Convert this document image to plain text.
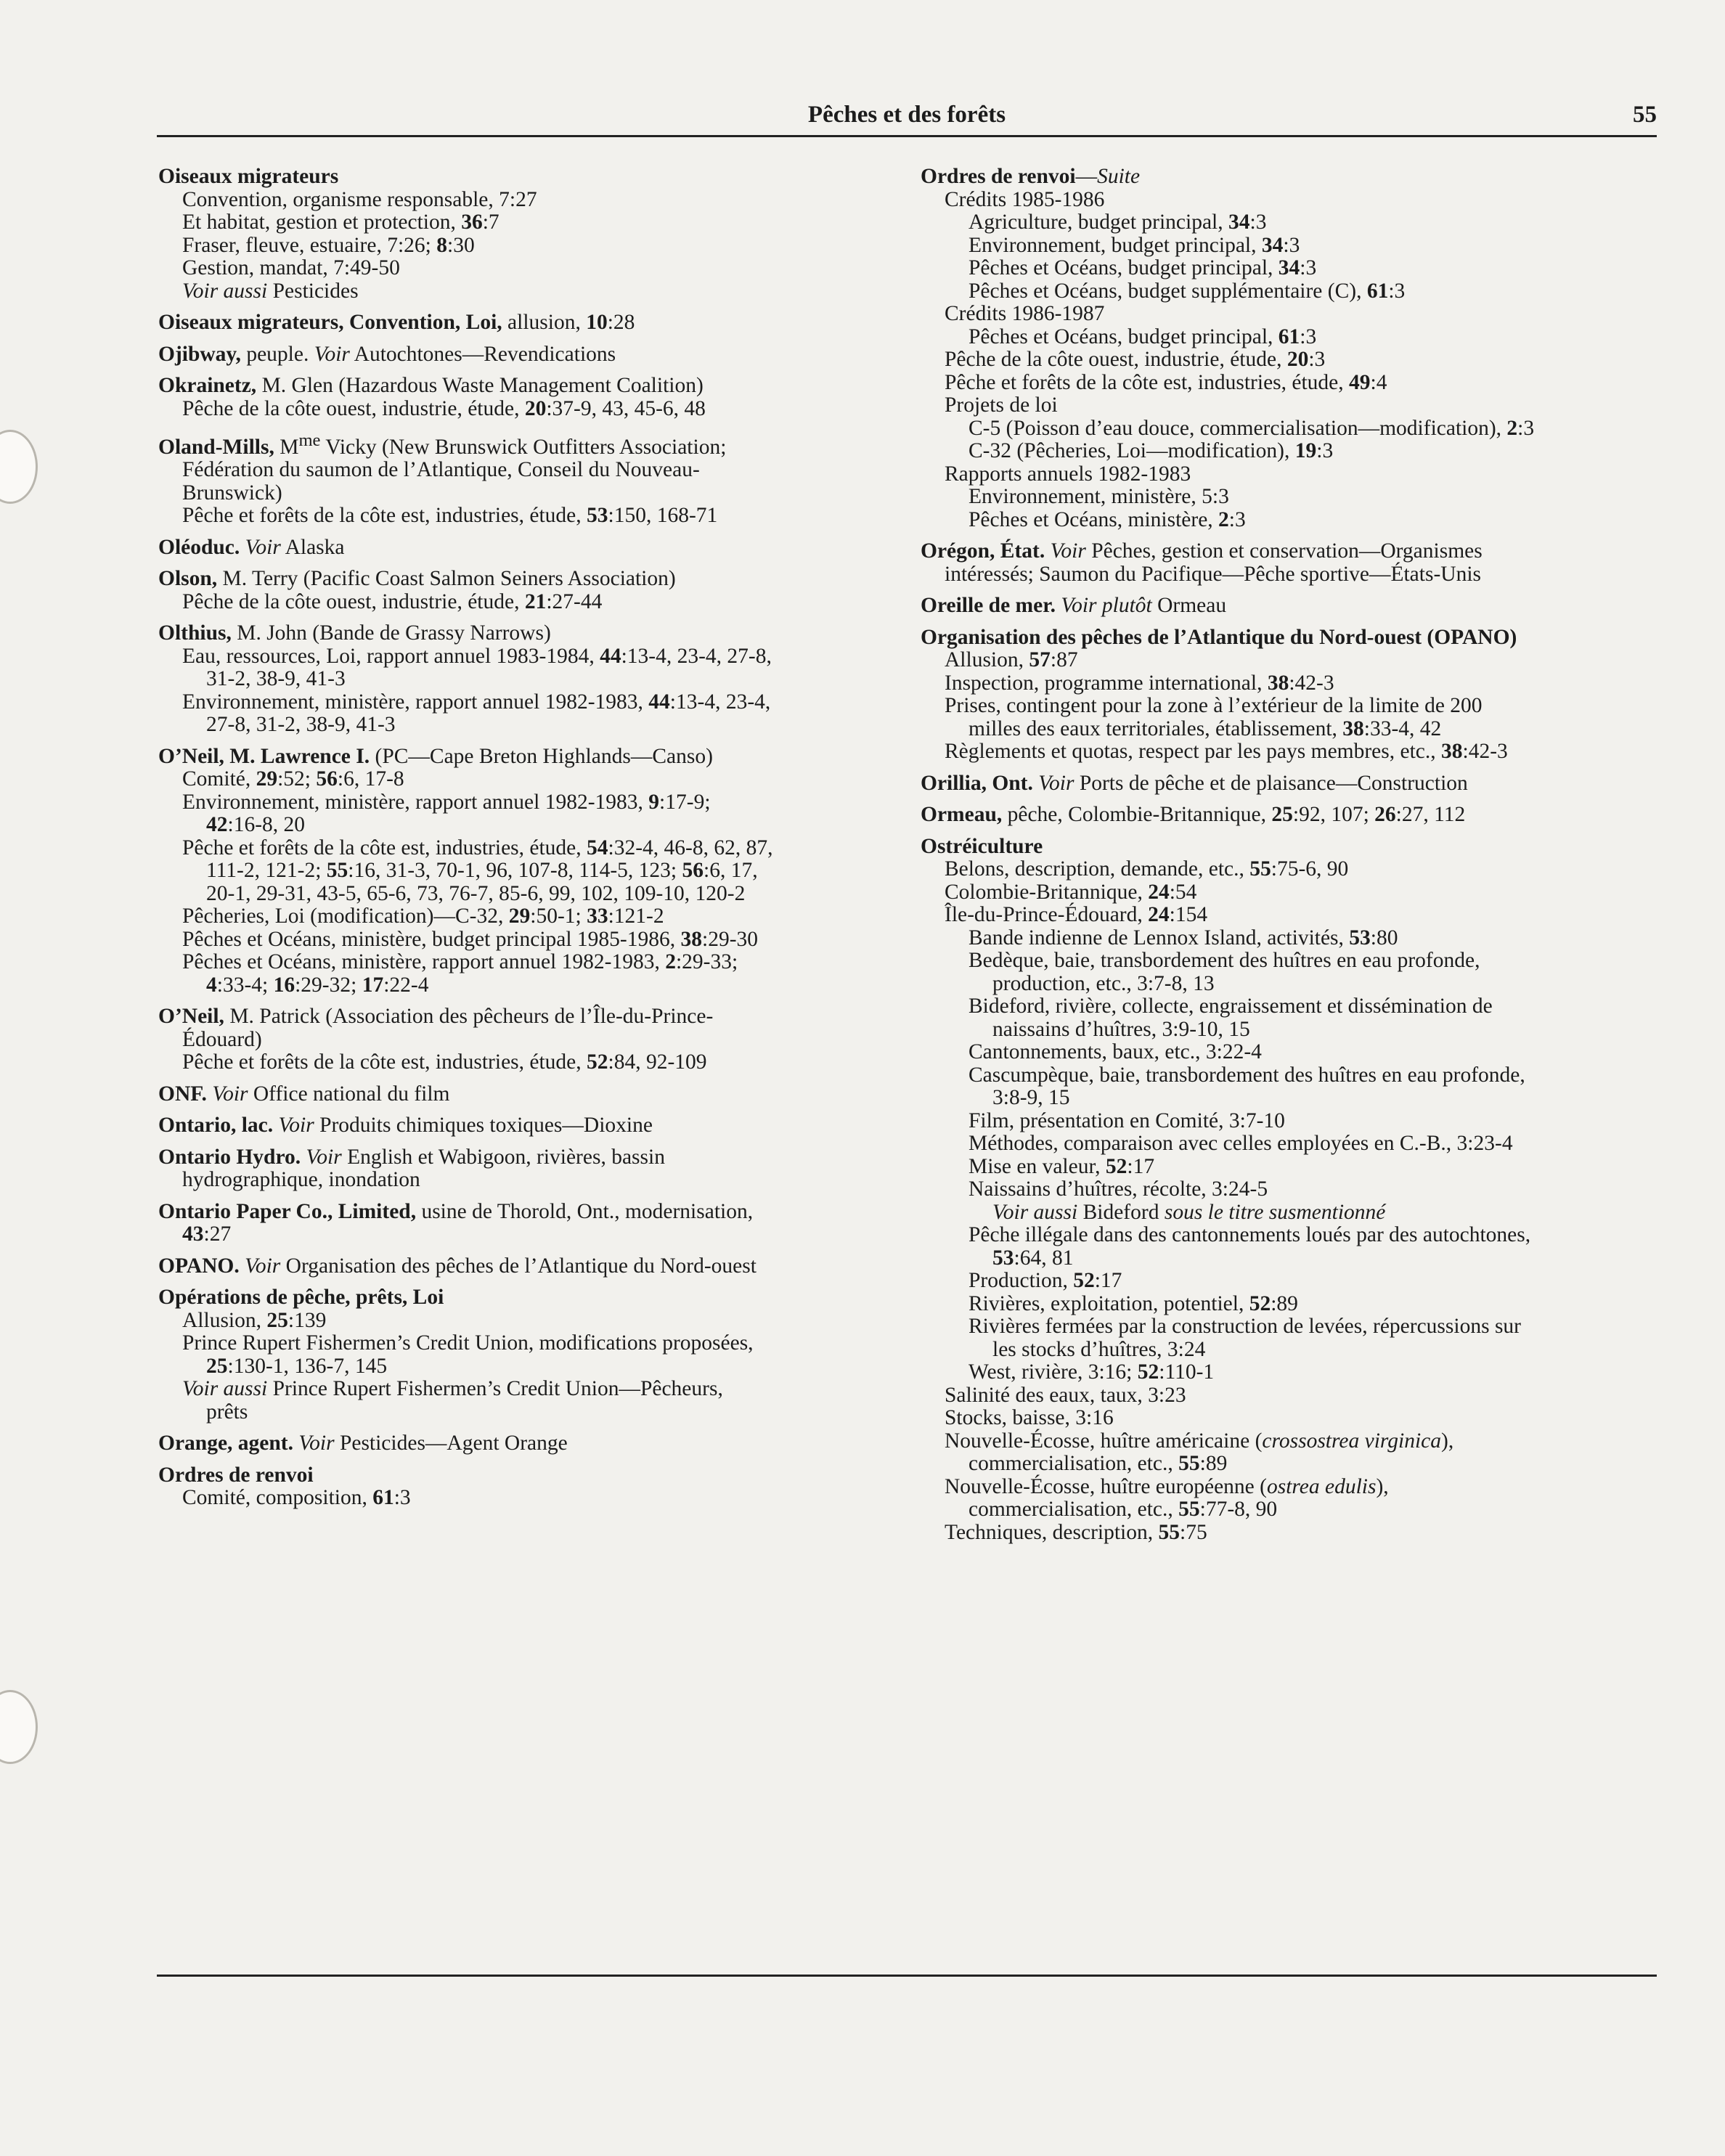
Pêches et des forêts	55
Oiseaux migrateurs
Convention, organisme responsable, 7:27
Et habitat, gestion et protection, 36:7
Fraser, fleuve, estuaire, 7:26; 8:30
Gestion, mandat, 7:49-50
Voir aussi Pesticides
Oiseaux migrateurs, Convention, Loi, allusion, 10:28
Ojibway, peuple. Voir Autochtones—Revendications
Okrainetz, M. Glen (Hazardous Waste Management Coalition)
Pêche de la côte ouest, industrie, étude, 20:37-9, 43, 45-6, 48
Oland-Mills, $M^{me}$ Vicky (New Brunswick Outfitters Association;
Fédération du saumon de l’Atlantique, Conseil du Nouveau-
Brunswick)
Pêche et forêts de la côte est, industries, étude, 53:150, 168-71
Oléoduc. Voir Alaska
Olson, M. Terry (Pacific Coast Salmon Seiners Association)
Pêche de la côte ouest, industrie, étude, 21:27-44
Olthius, M. John (Bande de Grassy Narrows)
Eau, ressources, Loi, rapport annuel 1983-1984, 44:13-4, 23-4, 27-8,
31-2, 38-9, 41-3
Environnement, ministère, rapport annuel 1982-1983, 44:13-4, 23-4,
27-8, 31-2, 38-9, 41-3
O’Neil, M. Lawrence I. (PC—Cape Breton Highlands—Canso)
Comité, 29:52; 56:6, 17-8
Environnement, ministère, rapport annuel 1982-1983, 9:17-9;
42:16-8, 20
Pêche et forêts de la côte est, industries, étude, 54:32-4, 46-8, 62, 87,
111-2, 121-2; 55:16, 31-3, 70-1, 96, 107-8, 114-5, 123; 56:6, 17,
20-1, 29-31, 43-5, 65-6, 73, 76-7, 85-6, 99, 102, 109-10, 120-2
Pêcheries, Loi (modification)—C-32, 29:50-1; 33:121-2
Pêches et Océans, ministère, budget principal 1985-1986, 38:29-30
Pêches et Océans, ministère, rapport annuel 1982-1983, 2:29-33;
4:33-4; 16:29-32; 17:22-4
O’Neil, M. Patrick (Association des pêcheurs de l’Île-du-Prince-
Édouard)
Pêche et forêts de la côte est, industries, étude, 52:84, 92-109
ONF. Voir Office national du film
Ontario, lac. Voir Produits chimiques toxiques—Dioxine
Ontario Hydro. Voir English et Wabigoon, rivières, bassin
hydrographique, inondation
Ontario Paper Co., Limited, usine de Thorold, Ont., modernisation,
43:27
OPANO. Voir Organisation des pêches de l’Atlantique du Nord-ouest
Opérations de pêche, prêts, Loi
Allusion, 25:139
Prince Rupert Fishermen’s Credit Union, modifications proposées,
25:130-1, 136-7, 145
Voir aussi Prince Rupert Fishermen’s Credit Union—Pêcheurs,
prêts
Orange, agent. Voir Pesticides—Agent Orange
Ordres de renvoi
Comité, composition, 61:3
Ordres de renvoi—Suite
Crédits 1985-1986
Agriculture, budget principal, 34:3
Environnement, budget principal, 34:3
Pêches et Océans, budget principal, 34:3
Pêches et Océans, budget supplémentaire (C), 61:3
Crédits 1986-1987
Pêches et Océans, budget principal, 61:3
Pêche de la côte ouest, industrie, étude, 20:3
Pêche et forêts de la côte est, industries, étude, 49:4
Projets de loi
C-5 (Poisson d’eau douce, commercialisation—modification), 2:3
C-32 (Pêcheries, Loi—modification), 19:3
Rapports annuels 1982-1983
Environnement, ministère, 5:3
Pêches et Océans, ministère, 2:3
Orégon, État. Voir Pêches, gestion et conservation—Organismes
intéressés; Saumon du Pacifique—Pêche sportive—États-Unis
Oreille de mer. Voir plutôt Ormeau
Organisation des pêches de l’Atlantique du Nord-ouest (OPANO)
Allusion, 57:87
Inspection, programme international, 38:42-3
Prises, contingent pour la zone à l’extérieur de la limite de 200
milles des eaux territoriales, établissement, 38:33-4, 42
Règlements et quotas, respect par les pays membres, etc., 38:42-3
Orillia, Ont. Voir Ports de pêche et de plaisance—Construction
Ormeau, pêche, Colombie-Britannique, 25:92, 107; 26:27, 112
Ostréiculture
Belons, description, demande, etc., 55:75-6, 90
Colombie-Britannique, 24:54
Île-du-Prince-Édouard, 24:154
Bande indienne de Lennox Island, activités, 53:80
Bedèque, baie, transbordement des huîtres en eau profonde,
production, etc., 3:7-8, 13
Bideford, rivière, collecte, engraissement et dissémination de
naissains d’huîtres, 3:9-10, 15
Cantonnements, baux, etc., 3:22-4
Cascumpèque, baie, transbordement des huîtres en eau profonde,
3:8-9, 15
Film, présentation en Comité, 3:7-10
Méthodes, comparaison avec celles employées en C.-B., 3:23-4
Mise en valeur, 52:17
Naissains d’huîtres, récolte, 3:24-5
Voir aussi Bideford sous le titre susmentionné
Pêche illégale dans des cantonnements loués par des autochtones,
53:64, 81
Production, 52:17
Rivières, exploitation, potentiel, 52:89
Rivières fermées par la construction de levées, répercussions sur
les stocks d’huîtres, 3:24
West, rivière, 3:16; 52:110-1
Salinité des eaux, taux, 3:23
Stocks, baisse, 3:16
Nouvelle-Écosse, huître américaine (crossostrea virginica),
commercialisation, etc., 55:89
Nouvelle-Écosse, huître européenne (ostrea edulis),
commercialisation, etc., 55:77-8, 90
Techniques, description, 55:75
